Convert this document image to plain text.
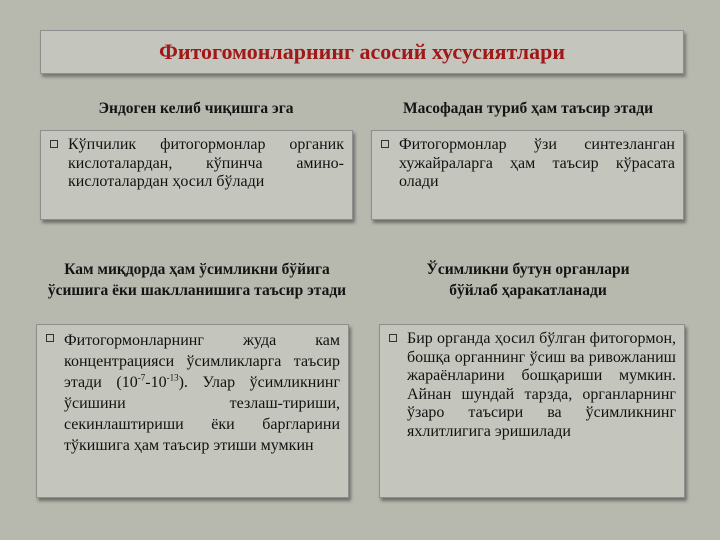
Фитогомонларнинг асосий хусусиятлари
Эндоген келиб чиқишга эга

Кўпчилик фитогормонлар органик кислоталардан, кўпинча амино-кислоталардан ҳосил бўлади

Масофадан туриб ҳам таъсир этади

Фитогормонлар ўзи синтезланган хужайраларга ҳам таъсир кўрасата олади

Кам миқдорда ҳам ўсимликни бўйига
ўсишига ёки шаклланишига таъсир этади

Фитогормонларнинг жуда кам концентрацияси ўсимликларга таъсир этади $(10^{-7}-10^{-13})$. Улар ўсимликнинг ўсишини тезлаш-тириши, секинлаштириши ёки баргларини тўкишига ҳам таъсир этиши мумкин

Ўсимликни бутун органлари
бўйлаб ҳаракатланади

Бир органда ҳосил бўлган фитогормон, бошқа органнинг ўсиш ва ривожланиш жараёнларини бошқариши мумкин. Айнан шундай тарзда, органларнинг ўзаро таъсири ва ўсимликнинг яхлитлигига эришилади
